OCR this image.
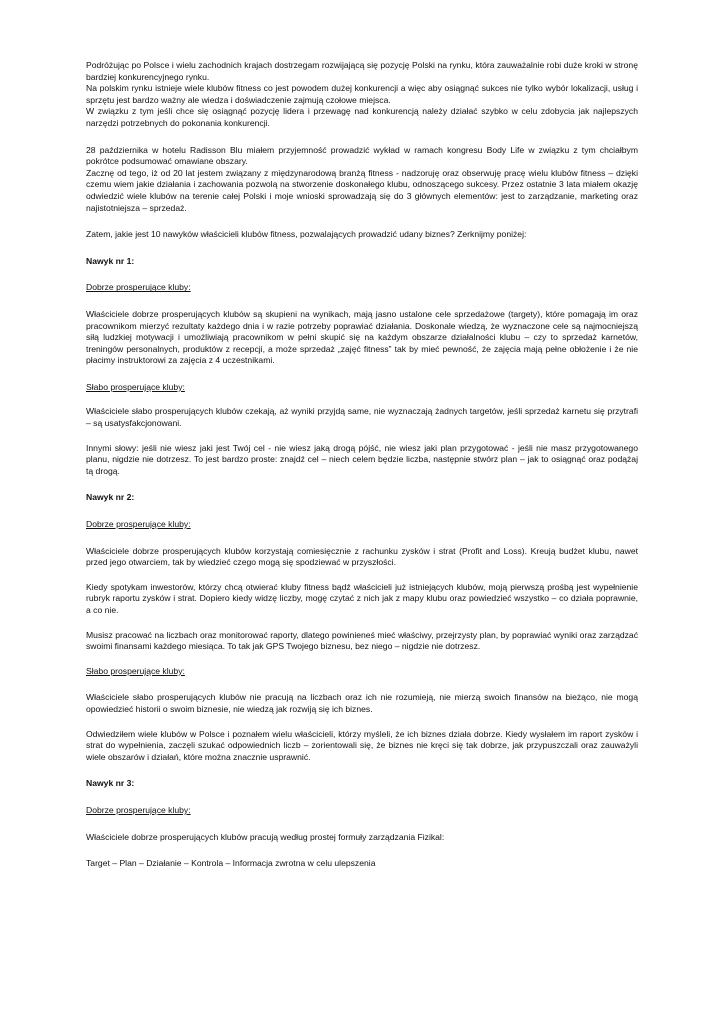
Podróżując po Polsce i wielu zachodnich krajach dostrzegam rozwijającą się pozycję Polski na rynku, która zauważalnie robi duże kroki w stronę bardziej konkurencyjnego rynku.

Na polskim rynku istnieje wiele klubów fitness co jest powodem dużej konkurencji a więc aby osiągnąć sukces nie tylko wybór lokalizacji, usług i sprzętu jest bardzo ważny ale wiedza i doświadczenie zajmują czołowe miejsca.

W związku z tym jeśli chce się osiągnąć pozycję lidera i przewagę nad konkurencją należy działać szybko w celu zdobycia jak najlepszych narzędzi potrzebnych do pokonania konkurencji.

28 października w hotelu Radisson Blu miałem przyjemność prowadzić wykład w ramach kongresu Body Life w związku z tym chciałbym pokrótce podsumować omawiane obszary.

Zacznę od tego, iż od 20 lat jestem związany z międzynarodową branżą fitness - nadzoruję oraz obserwuję pracę wielu klubów fitness – dzięki czemu wiem jakie działania i zachowania pozwolą na stworzenie doskonałego klubu, odnoszącego sukcesy. Przez ostatnie 3 lata miałem okazję odwiedzić wiele klubów na terenie całej Polski i moje wnioski sprowadzają się do 3 głównych elementów: jest to zarządzanie, marketing oraz najistotniejsza – sprzedaż.

Zatem, jakie jest 10 nawyków właścicieli klubów fitness, pozwalających prowadzić udany biznes? Zerknijmy poniżej:

Nawyk nr 1:

Dobrze prosperujące kluby:

Właściciele dobrze prosperujących klubów są skupieni na wynikach, mają jasno ustalone cele sprzedażowe (targety), które pomagają im oraz pracownikom mierzyć rezultaty każdego dnia i w razie potrzeby poprawiać działania. Doskonale wiedzą, że wyznaczone cele są najmocniejszą siłą ludzkiej motywacji i umożliwiają pracownikom w pełni skupić się na każdym obszarze działalności klubu – czy to sprzedaż karnetów, treningów personalnych, produktów z recepcji, a może sprzedaż „zajęć fitness” tak by mieć pewność, że zajęcia mają pełne obłożenie i że nie płacimy instruktorowi za zajęcia z 4 uczestnikami.

Słabo prosperujące kluby:

Właściciele słabo prosperujących klubów czekają, aż wyniki przyjdą same, nie wyznaczają żadnych targetów, jeśli sprzedaż karnetu się przytrafi – są usatysfakcjonowani.

Innymi słowy: jeśli nie wiesz jaki jest Twój cel - nie wiesz jaką drogą pójść, nie wiesz jaki plan przygotować - jeśli nie masz przygotowanego planu, nigdzie nie dotrzesz. To jest bardzo proste: znajdź cel – niech celem będzie liczba, następnie stwórz plan – jak to osiągnąć oraz podążaj tą drogą.

Nawyk nr 2:

Dobrze prosperujące kluby:

Właściciele dobrze prosperujących klubów korzystają comiesięcznie z rachunku zysków i strat (Profit and Loss). Kreują budżet klubu, nawet przed jego otwarciem, tak by wiedzieć czego mogą się spodziewać w przyszłości.

Kiedy spotykam inwestorów, którzy chcą otwierać kluby fitness bądź właścicieli już istniejących klubów, moją pierwszą prośbą jest wypełnienie rubryk raportu zysków i strat. Dopiero kiedy widzę liczby, mogę czytać z nich jak z mapy klubu oraz powiedzieć wszystko – co działa poprawnie, a co nie.

Musisz pracować na liczbach oraz monitorować raporty, dlatego powinieneś mieć właściwy, przejrzysty plan, by poprawiać wyniki oraz zarządzać swoimi finansami każdego miesiąca. To tak jak GPS Twojego biznesu, bez niego – nigdzie nie dotrzesz.

Słabo prosperujące kluby:

Właściciele słabo prosperujących klubów nie pracują na liczbach oraz ich nie rozumieją, nie mierzą swoich finansów na bieżąco, nie mogą opowiedzieć historii o swoim biznesie, nie wiedzą jak rozwiją się ich biznes.

Odwiedziłem wiele klubów w Polsce i poznałem wielu właścicieli, którzy myśleli, że ich biznes działa dobrze. Kiedy wysłałem im raport zysków i strat do wypełnienia, zaczęli szukać odpowiednich liczb – zorientowali się, że biznes nie kręci się tak dobrze, jak przypuszczali oraz zauważyli wiele obszarów i działań, które można znacznie usprawnić.

Nawyk nr 3:

Dobrze prosperujące kluby:

Właściciele dobrze prosperujących klubów pracują według prostej formuły zarządzania Fizikal:

Target – Plan – Działanie – Kontrola – Informacja zwrotna w celu ulepszenia
